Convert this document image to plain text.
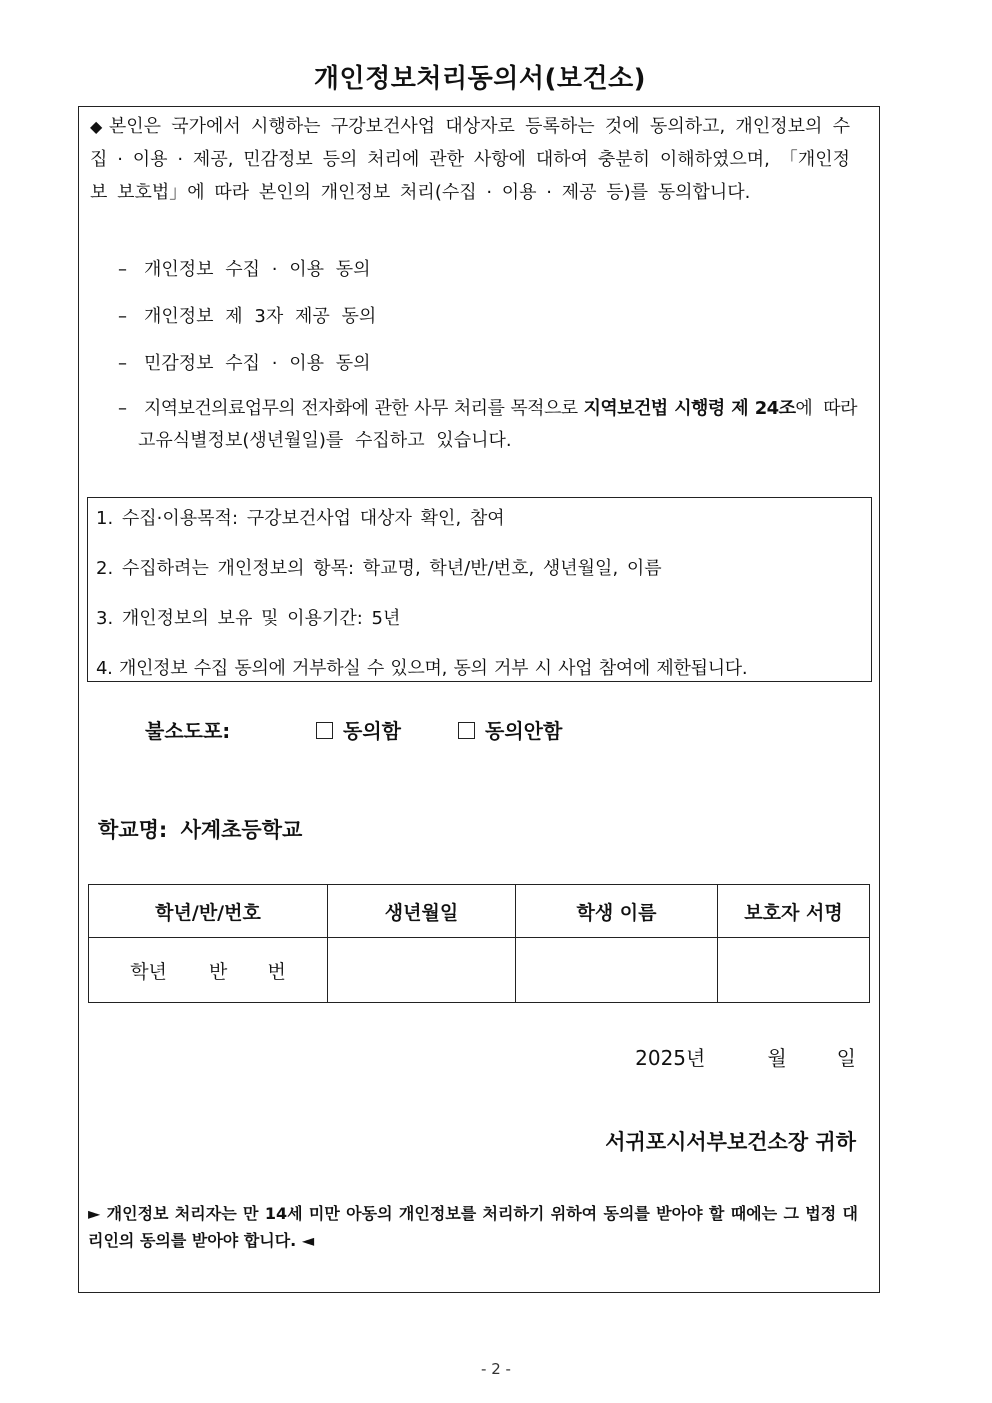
개인정보처리동의서(보건소)
◆ 본인은 국가에서 시행하는 구강보건사업 대상자로 등록하는 것에 동의하고, 개인정보의 수집 · 이용 · 제공, 민감정보 등의 처리에 관한 사항에 대하여 충분히 이해하였으며, 「개인정보 보호법」에 따라 본인의 개인정보 처리(수집 · 이용 · 제공 등)를 동의합니다.
– 개인정보 수집 · 이용 동의
– 개인정보 제 3자 제공 동의
– 민감정보 수집 · 이용 동의
– 지역보건의료업무의 전자화에 관한 사무 처리를 목적으로 지역보건법 시행령 제 24조에 따라
고유식별정보(생년월일)를 수집하고 있습니다.
1. 수집·이용목적: 구강보건사업 대상자 확인, 참여
2. 수집하려는 개인정보의 항목: 학교명, 학년/반/번호, 생년월일, 이름
3. 개인정보의 보유 및 이용기간: 5년
4. 개인정보 수집 동의에 거부하실 수 있으며, 동의 거부 시 사업 참여에 제한됩니다.
불소도포:	동의함	동의안함
학교명: 사계초등학교
학년/반/번호	생년월일	학생 이름	보호자 서명
학년 반 번			
2025년	월	일
서귀포시서부보건소장 귀하
► 개인정보 처리자는 만 14세 미만 아동의 개인정보를 처리하기 위하여 동의를 받아야 할 때에는 그 법정 대리인의 동의를 받아야 합니다. ◄
- 2 -
